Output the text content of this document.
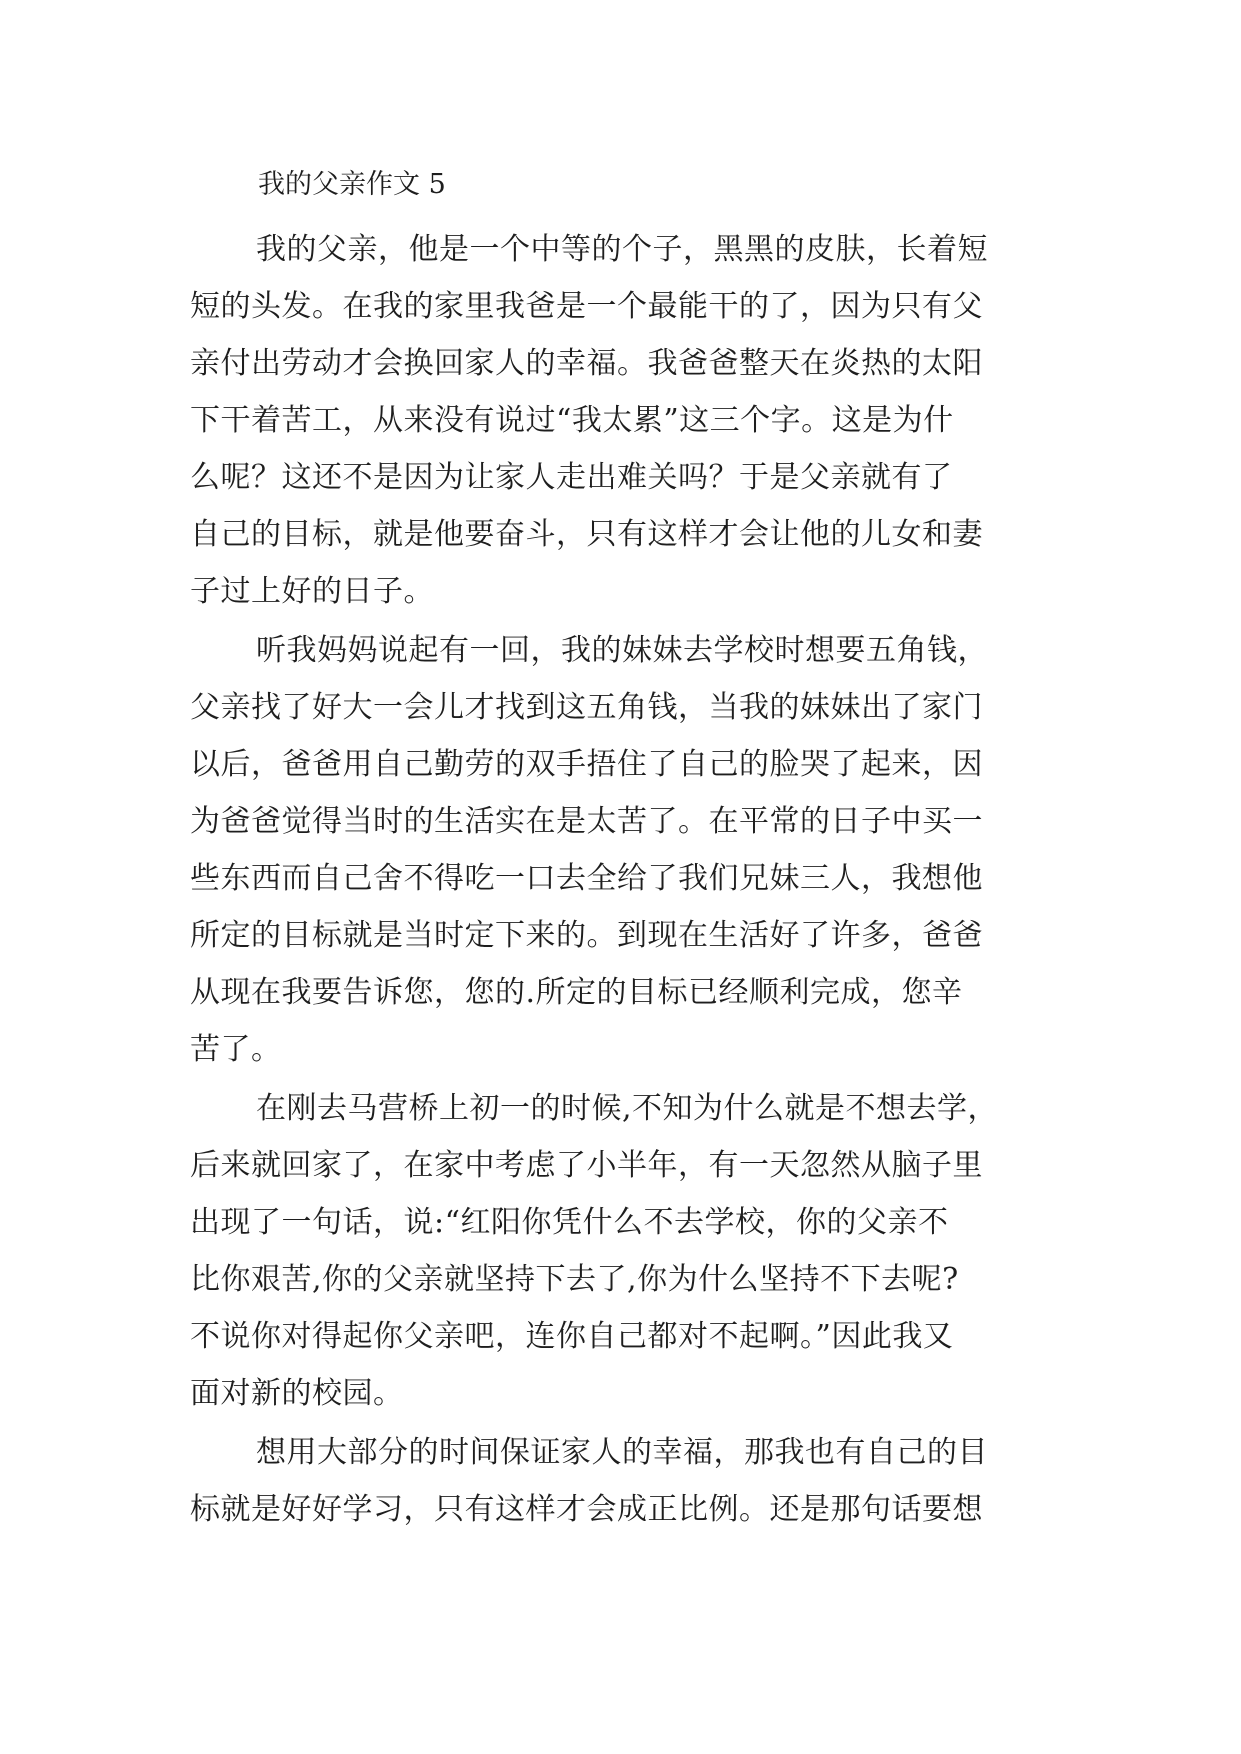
我的父亲作文 5
我的父亲，他是一个中等的个子，黑黑的皮肤，长着短
短的头发。在我的家里我爸是一个最能干的了，因为只有父
亲付出劳动才会换回家人的幸福。我爸爸整天在炎热的太阳
下干着苦工，从来没有说过“我太累”这三个字。这是为什
么呢？这还不是因为让家人走出难关吗？于是父亲就有了
自己的目标，就是他要奋斗，只有这样才会让他的儿女和妻
子过上好的日子。
听我妈妈说起有一回，我的妹妹去学校时想要五角钱，
父亲找了好大一会儿才找到这五角钱，当我的妹妹出了家门
以后，爸爸用自己勤劳的双手捂住了自己的脸哭了起来，因
为爸爸觉得当时的生活实在是太苦了。在平常的日子中买一
些东西而自己舍不得吃一口去全给了我们兄妹三人，我想他
所定的目标就是当时定下来的。到现在生活好了许多，爸爸
从现在我要告诉您，您的.所定的目标已经顺利完成，您辛
苦了。
在刚去马营桥上初一的时候,不知为什么就是不想去学，
后来就回家了，在家中考虑了小半年，有一天忽然从脑子里
出现了一句话，说:“红阳你凭什么不去学校，你的父亲不
比你艰苦,你的父亲就坚持下去了,你为什么坚持不下去呢?
不说你对得起你父亲吧，连你自己都对不起啊。”因此我又
面对新的校园。
想用大部分的时间保证家人的幸福，那我也有自己的目
标就是好好学习，只有这样才会成正比例。还是那句话要想
